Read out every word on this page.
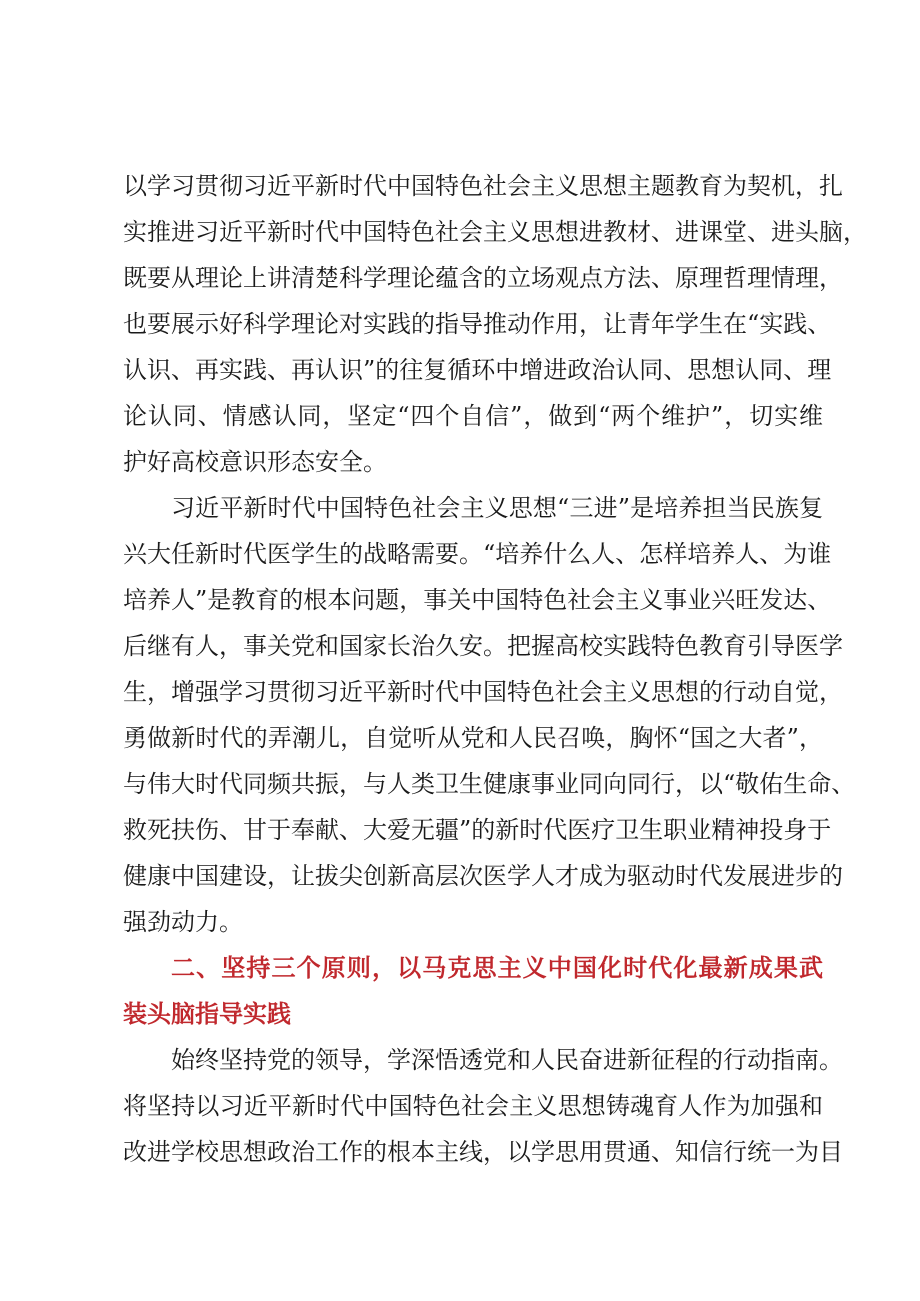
以学习贯彻习近平新时代中国特色社会主义思想主题教育为契机，扎
实推进习近平新时代中国特色社会主义思想进教材、进课堂、进头脑，
既要从理论上讲清楚科学理论蕴含的立场观点方法、原理哲理情理，
也要展示好科学理论对实践的指导推动作用，让青年学生在“实践、
认识、再实践、再认识”的往复循环中增进政治认同、思想认同、理
论认同、情感认同，坚定“四个自信”，做到“两个维护”，切实维
护好高校意识形态安全。
习近平新时代中国特色社会主义思想“三进”是培养担当民族复
兴大任新时代医学生的战略需要。“培养什么人、怎样培养人、为谁
培养人”是教育的根本问题，事关中国特色社会主义事业兴旺发达、
后继有人，事关党和国家长治久安。把握高校实践特色教育引导医学
生，增强学习贯彻习近平新时代中国特色社会主义思想的行动自觉，
勇做新时代的弄潮儿，自觉听从党和人民召唤，胸怀“国之大者”，
与伟大时代同频共振，与人类卫生健康事业同向同行，以“敬佑生命、
救死扶伤、甘于奉献、大爱无疆”的新时代医疗卫生职业精神投身于
健康中国建设，让拔尖创新高层次医学人才成为驱动时代发展进步的
强劲动力。
二、坚持三个原则，以马克思主义中国化时代化最新成果武
装头脑指导实践
始终坚持党的领导，学深悟透党和人民奋进新征程的行动指南。
将坚持以习近平新时代中国特色社会主义思想铸魂育人作为加强和
改进学校思想政治工作的根本主线，以学思用贯通、知信行统一为目
